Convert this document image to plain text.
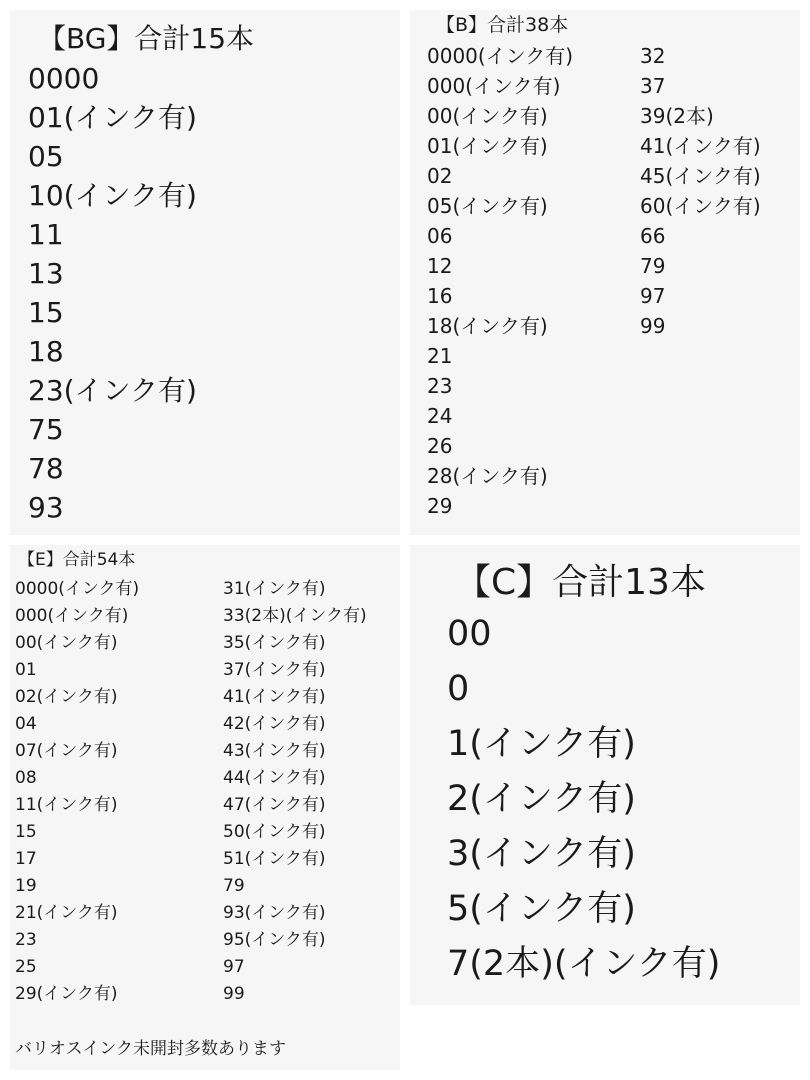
【BG】合計15本
0000
01(インク有)
05
10(インク有)
11
13
15
18
23(インク有)
75
78
93
【B】合計38本
0000(インク有)
000(インク有)
00(インク有)
01(インク有)
02
05(インク有)
06
12
16
18(インク有)
21
23
24
26
28(インク有)
29
32
37
39(2本)
41(インク有)
45(インク有)
60(インク有)
66
79
97
99
【E】合計54本
0000(インク有)
000(インク有)
00(インク有)
01
02(インク有)
04
07(インク有)
08
11(インク有)
15
17
19
21(インク有)
23
25
29(インク有)
31(インク有)
33(2本)(インク有)
35(インク有)
37(インク有)
41(インク有)
42(インク有)
43(インク有)
44(インク有)
47(インク有)
50(インク有)
51(インク有)
79
93(インク有)
95(インク有)
97
99
バリオスインク未開封多数あります
【C】合計13本
00
0
1(インク有)
2(インク有)
3(インク有)
5(インク有)
7(2本)(インク有)
